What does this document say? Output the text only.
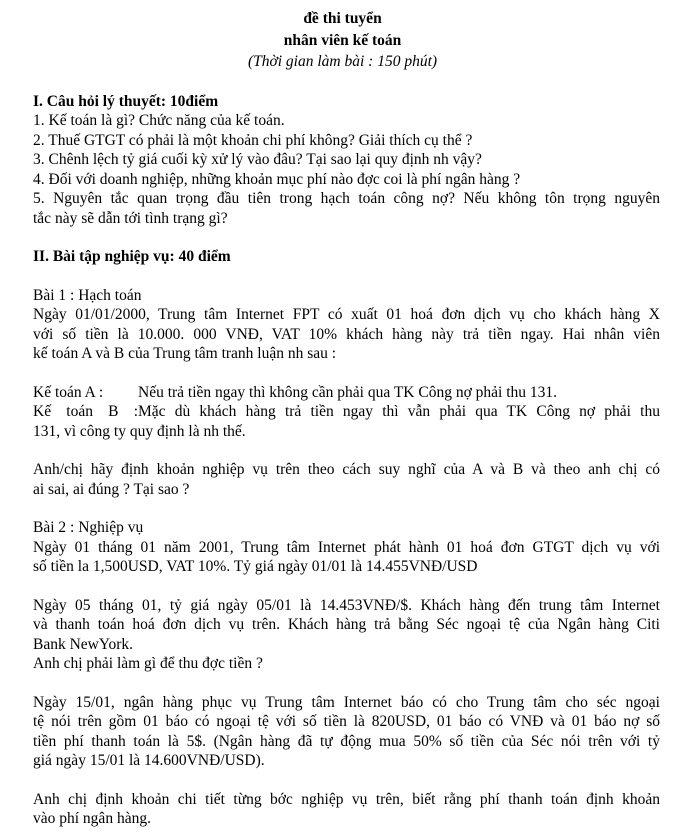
đề thi tuyển

nhân viên kế toán

(Thời gian làm bài : 150 phút)

I. Câu hỏi lý thuyết: 10điểm

1. Kế toán là gì? Chức năng của kế toán.

2. Thuế GTGT có phải là một khoản chi phí không? Giải thích cụ thể ?

3. Chênh lệch tỷ giá cuối kỳ xử lý vào đâu? Tại sao lại quy định nh vậy?

4. Đối với doanh nghiệp, những khoản mục phí nào đợc coi là phí ngân hàng ?

5. Nguyên tắc quan trọng đầu tiên trong hạch toán công nợ? Nếu không tôn trọng nguyên

tắc này sẽ dẫn tới tình trạng gì?

II. Bài tập nghiệp vụ: 40 điểm

Bài 1 : Hạch toán

Ngày 01/01/2000, Trung tâm Internet FPT có xuất 01 hoá đơn dịch vụ cho khách hàng X

với số tiền là 10.000. 000 VNĐ, VAT 10% khách hàng này trả tiền ngay. Hai nhân viên

kế toán A và B của Trung tâm tranh luận nh sau :

Kế toán A : Nếu trả tiền ngay thì không cần phải qua TK Công nợ phải thu 131.

Kế toán B :Mặc dù khách hàng trả tiền ngay thì vẫn phải qua TK Công nợ phải thu

131, vì công ty quy định là nh thế.

Anh/chị hãy định khoản nghiệp vụ trên theo cách suy nghĩ của A và B và theo anh chị có

ai sai, ai đúng ? Tại sao ?

Bài 2 : Nghiệp vụ

Ngày 01 tháng 01 năm 2001, Trung tâm Internet phát hành 01 hoá đơn GTGT dịch vụ với

số tiền la 1,500USD, VAT 10%. Tỷ giá ngày 01/01 là 14.455VNĐ/USD

Ngày 05 tháng 01, tỷ giá ngày 05/01 là 14.453VNĐ/$. Khách hàng đến trung tâm Internet

và thanh toán hoá đơn dịch vụ trên. Khách hàng trả bằng Séc ngoại tệ của Ngân hàng Citi

Bank NewYork.

Anh chị phải làm gì để thu đợc tiền ?

Ngày 15/01, ngân hàng phục vụ Trung tâm Internet báo có cho Trung tâm cho séc ngoại

tệ nói trên gồm 01 báo có ngoại tệ với số tiền là 820USD, 01 báo có VNĐ và 01 báo nợ số

tiền phí thanh toán là 5$. (Ngân hàng đã tự động mua 50% số tiền của Séc nói trên với tỷ

giá ngày 15/01 là 14.600VNĐ/USD).

Anh chị định khoản chi tiết từng bớc nghiệp vụ trên, biết rằng phí thanh toán định khoản

vào phí ngân hàng.
